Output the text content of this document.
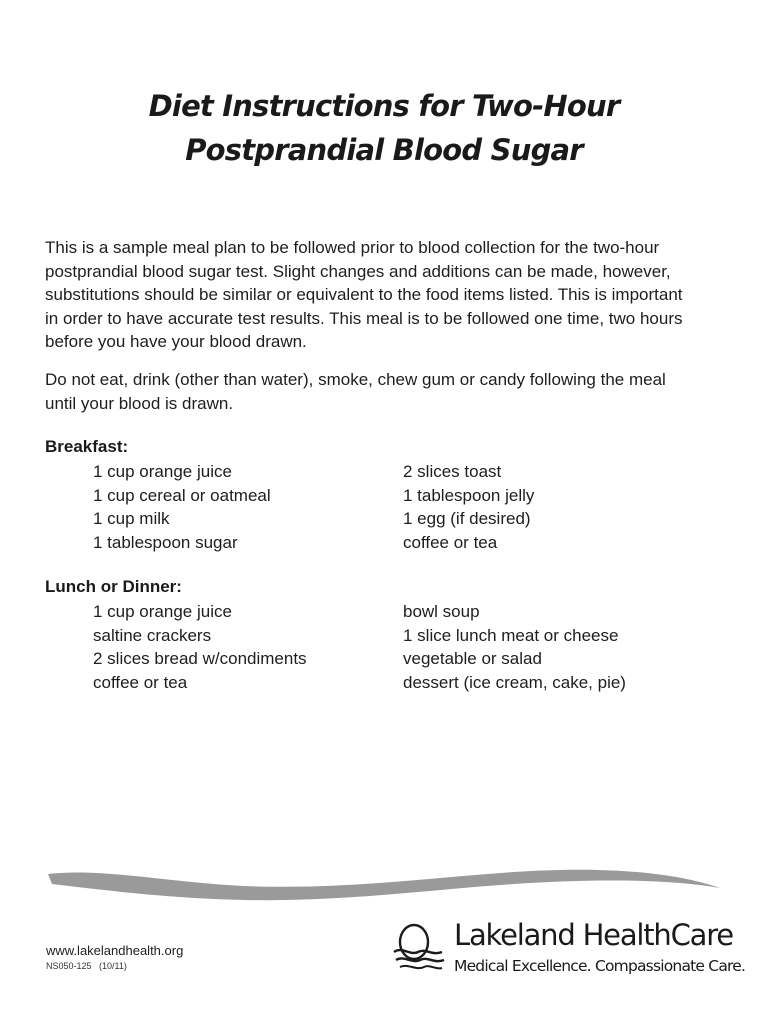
Diet Instructions for Two-Hour
Postprandial Blood Sugar
This is a sample meal plan to be followed prior to blood collection for the two-hour
postprandial blood sugar test. Slight changes and additions can be made, however,
substitutions should be similar or equivalent to the food items listed. This is important
in order to have accurate test results. This meal is to be followed one time, two hours
before you have your blood drawn.
Do not eat, drink (other than water), smoke, chew gum or candy following the meal
until your blood is drawn.
Breakfast:
1 cup orange juice
1 cup cereal or oatmeal
1 cup milk
1 tablespoon sugar
2 slices toast
1 tablespoon jelly
1 egg (if desired)
coffee or tea
Lunch or Dinner:
1 cup orange juice
saltine crackers
2 slices bread w/condiments
coffee or tea
bowl soup
1 slice lunch meat or cheese
vegetable or salad
dessert (ice cream, cake, pie)
www.lakelandhealth.org
NS050-125   (10/11)
Lakeland HealthCare
Medical Excellence. Compassionate Care.
